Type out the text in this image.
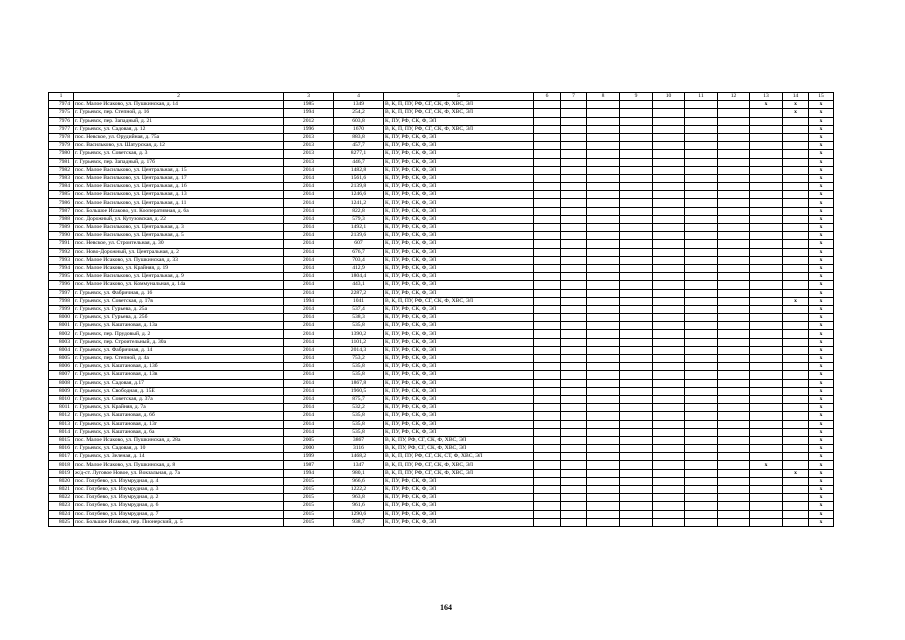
1	2	3	4	5	6	7	8	9	10	11	12	13	14	15
7974	пос. Малое Исаково, ул. Пушкинская, д. 14	1985	1349	В, К, П, ПУ, РФ, СГ, СК, Ф, ХВС, ЭЛ								x	x	x
7975	г. Гурьевск, пер. Степной, д. 16	1994	254,2	В, К, П, ПУ, РФ, СГ, СК, Ф, ХВС, ЭЛ									x	x
7976	г. Гурьевск, пер. Западный, д. 21	2012	603,8	К, ПУ, РФ, СК, Ф, ЭЛ										x
7977	г. Гурьевск, ул. Садовая, д. 12	1996	1670	В, К, П, ПУ, РФ, СГ, СК, Ф, ХВС, ЭЛ										x
7978	пос. Невское, ул. Орудийная, д. 75а	2013	883,8	К, ПУ, РФ, СК, Ф, ЭЛ										x
7979	пос. Васильково, ул. Шатурская, д. 12	2013	457,7	К, ПУ, РФ, СК, Ф, ЭЛ										x
7980	г. Гурьевск, ул. Советская, д. 3	2013	8277,1	К, ПУ, РФ, СК, Ф, ЭЛ										x
7981	г. Гурьевск, пер. Западный, д. 17б	2013	446,7	К, ПУ, РФ, СК, Ф, ЭЛ										x
7982	пос. Малое Васильково, ул. Центральная, д. 15	2014	1482,8	К, ПУ, РФ, СК, Ф, ЭЛ										x
7983	пос. Малое Васильково, ул. Центральная, д. 17	2014	1561,6	К, ПУ, РФ, СК, Ф, ЭЛ										x
7984	пос. Малое Васильково, ул. Центральная, д. 16	2014	2139,8	К, ПУ, РФ, СК, Ф, ЭЛ										x
7985	пос. Малое Васильково, ул. Центральная, д. 13	2014	1246,6	К, ПУ, РФ, СК, Ф, ЭЛ										x
7986	пос. Малое Васильково, ул. Центральная, д. 11	2014	1241,2	К, ПУ, РФ, СК, Ф, ЭЛ										x
7987	пос. Большое Исаково, ул. Кооперативная, д. 6а	2014	822,8	К, ПУ, РФ, СК, Ф, ЭЛ										x
7988	пос. Дорожный, ул. Кутузовская, д. 22	2014	579,3	К, ПУ, РФ, СК, Ф, ЭЛ										x
7989	пос. Малое Васильково, ул. Центральная, д. 3	2014	1492,1	К, ПУ, РФ, СК, Ф, ЭЛ										x
7990	пос. Малое Васильково, ул. Центральная, д. 5	2014	2139,6	К, ПУ, РФ, СК, Ф, ЭЛ										x
7991	пос. Невское, ул. Строительная, д. 30	2014	607	К, ПУ, РФ, СК, Ф, ЭЛ										x
7992	пос. Ново-Дорожный, ул. Центральная, д. 2	2014	676,7	К, ПУ, РФ, СК, Ф, ЭЛ										x
7993	пос. Малое Исаково, ул. Пушкинская, д. 33	2014	703,4	К, ПУ, РФ, СК, Ф, ЭЛ										x
7994	пос. Малое Исаково, ул. Крайняя, д. 19	2014	412,9	К, ПУ, РФ, СК, Ф, ЭЛ										x
7995	пос. Малое Васильково, ул. Центральная, д. 9	2014	1804,4	К, ПУ, РФ, СК, Ф, ЭЛ										x
7996	пос. Малое Исаково, ул. Коммунальная, д. 14а	2014	443,1	К, ПУ, РФ, СК, Ф, ЭЛ										x
7997	г. Гурьевск, ул. Фабричная, д. 16	2014	2287,2	К, ПУ, РФ, СК, Ф, ЭЛ										x
7998	г. Гурьевск, ул. Советская, д. 17в	1994	1041	В, К, П, ПУ, РФ, СГ, СК, Ф, ХВС, ЭЛ									x	x
7999	г. Гурьевск, ул. Гурьева, д. 25а	2014	537,4	К, ПУ, РФ, СК, Ф, ЭЛ										x
8000	г. Гурьевск, ул. Гурьева, д. 25б	2014	538,3	К, ПУ, РФ, СК, Ф, ЭЛ										x
8001	г. Гурьевск, ул. Каштановая, д. 13а	2014	535,8	К, ПУ, РФ, СК, Ф, ЭЛ										x
8002	г. Гурьевск, пер. Прудовый, д. 2	2014	1390,2	К, ПУ, РФ, СК, Ф, ЭЛ										x
8003	г. Гурьевск, пер. Строительный, д. 30а	2014	1101,2	К, ПУ, РФ, СК, Ф, ЭЛ										x
8004	г. Гурьевск, ул. Фабричная, д. 14	2014	2014,3	К, ПУ, РФ, СК, Ф, ЭЛ										x
8005	г. Гурьевск, пер. Степной, д. 4а	2014	753,2	К, ПУ, РФ, СК, Ф, ЭЛ										x
8006	г. Гурьевск, ул. Каштановая, д. 13б	2014	535,8	К, ПУ, РФ, СК, Ф, ЭЛ										x
8007	г. Гурьевск, ул. Каштановая, д. 13в	2014	535,8	К, ПУ, РФ, СК, Ф, ЭЛ										x
8008	г. Гурьевск, ул. Садовая, д.17	2014	1867,8	К, ПУ, РФ, СК, Ф, ЭЛ										x
8009	г. Гурьевск, ул. Свободная, д. 15Е	2014	1960,5	К, ПУ, РФ, СК, Ф, ЭЛ										x
8010	г. Гурьевск, ул. Советская, д. 37а	2014	875,7	К, ПУ, РФ, СК, Ф, ЭЛ										x
8011	г. Гурьевск, ул. Крайняя, д. 7а	2014	532,2	К, ПУ, РФ, СК, Ф, ЭЛ										x
8012	г. Гурьевск, ул. Каштановая, д. 6б	2014	535,8	К, ПУ, РФ, СК, Ф, ЭЛ										x
8013	г. Гурьевск, ул. Каштановая, д. 13г	2014	535,8	К, ПУ, РФ, СК, Ф, ЭЛ										x
8014	г. Гурьевск, ул. Каштановая, д. 6а	2014	535,8	К, ПУ, РФ, СК, Ф, ЭЛ										x
8015	пос. Малое Исаково, ул. Пушкинская, д. 28а	2005	3867	В, К, ПУ, РФ, СГ, СК, Ф, ХВС, ЭЛ										x
8016	г. Гурьевск, ул. Садовая, д. 10	2000	3116	В, К, ПУ, РФ, СГ, СК, Ф, ХВС, ЭЛ										x
8017	г. Гурьевск, ул. Зеленая, д. 14	1999	1468,2	В, К, П, ПУ, РФ, СГ, СК, СТ, Ф, ХВС, ЭЛ										x
8018	пос. Малое Исаково, ул. Пушкинская, д. 8	1987	1347	В, К, П, ПУ, РФ, СГ, СК, Ф, ХВС, ЭЛ								x		x
8019	ж/д-ст. Луговое Новое, ул. Вокзальная, д. 7а	1994	980,1	В, К, П, ПУ, РФ, СГ, СК, Ф, ХВС, ЭЛ									x	x
8020	пос. Голубево, ул. Изумрудная, д. 4	2015	966,6	К, ПУ, РФ, СК, Ф, ЭЛ										x
8021	пос. Голубево, ул. Изумрудная, д. 3	2015	1222,2	К, ПУ, РФ, СК, Ф, ЭЛ										x
8022	пос. Голубево, ул. Изумрудная, д. 2	2015	963,8	К, ПУ, РФ, СК, Ф, ЭЛ										x
8023	пос. Голубево, ул. Изумрудная, д. 6	2015	961,6	К, ПУ, РФ, СК, Ф, ЭЛ										x
8024	пос. Голубево, ул. Изумрудная, д. 7	2015	1290,6	К, ПУ, РФ, СК, Ф, ЭЛ										x
8025	пос. Большое Исаково, пер. Пионерский, д. 5	2015	938,7	К, ПУ, РФ, СК, Ф, ЭЛ										x
164
